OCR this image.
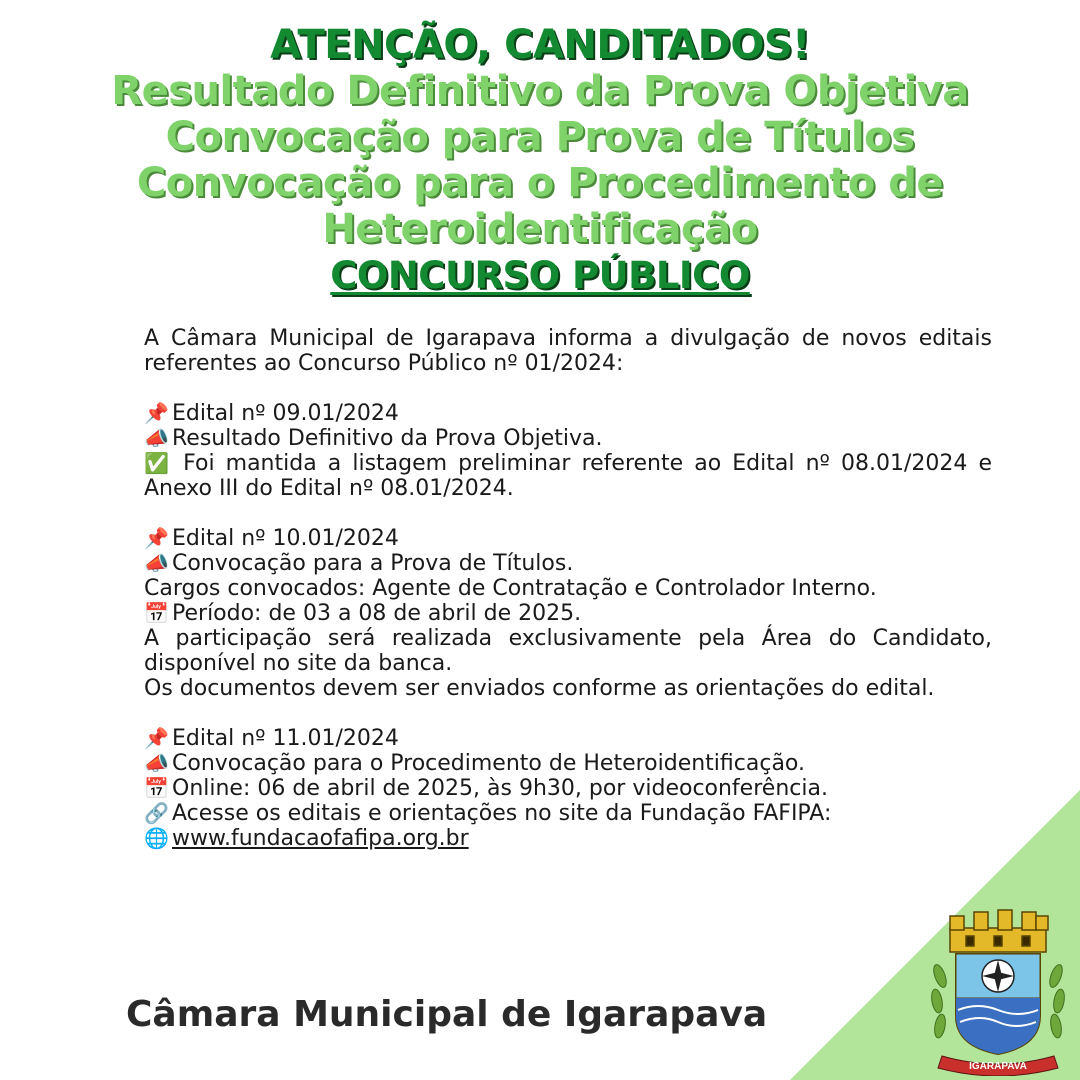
ATENÇÃO, CANDITADOS!
Resultado Definitivo da Prova Objetiva
Convocação para Prova de Títulos
Convocação para o Procedimento de
Heteroidentificação
CONCURSO PÚBLICO
A Câmara Municipal de Igarapava informa a divulgação de novos editais referentes ao Concurso Público nº 01/2024:
📌 Edital nº 09.01/2024
📣 Resultado Definitivo da Prova Objetiva.
✅ Foi mantida a listagem preliminar referente ao Edital nº 08.01/2024 e Anexo III do Edital nº 08.01/2024.
📌 Edital nº 10.01/2024
📣 Convocação para a Prova de Títulos.
Cargos convocados: Agente de Contratação e Controlador Interno.
📅 Período: de 03 a 08 de abril de 2025.
A participação será realizada exclusivamente pela Área do Candidato, disponível no site da banca.
Os documentos devem ser enviados conforme as orientações do edital.
📌 Edital nº 11.01/2024
📣 Convocação para o Procedimento de Heteroidentificação.
📅 Online: 06 de abril de 2025, às 9h30, por videoconferência.
🔗 Acesse os editais e orientações no site da Fundação FAFIPA:
🌐 www.fundacaofafipa.org.br
Câmara Municipal de Igarapava
IGARAPAVA
